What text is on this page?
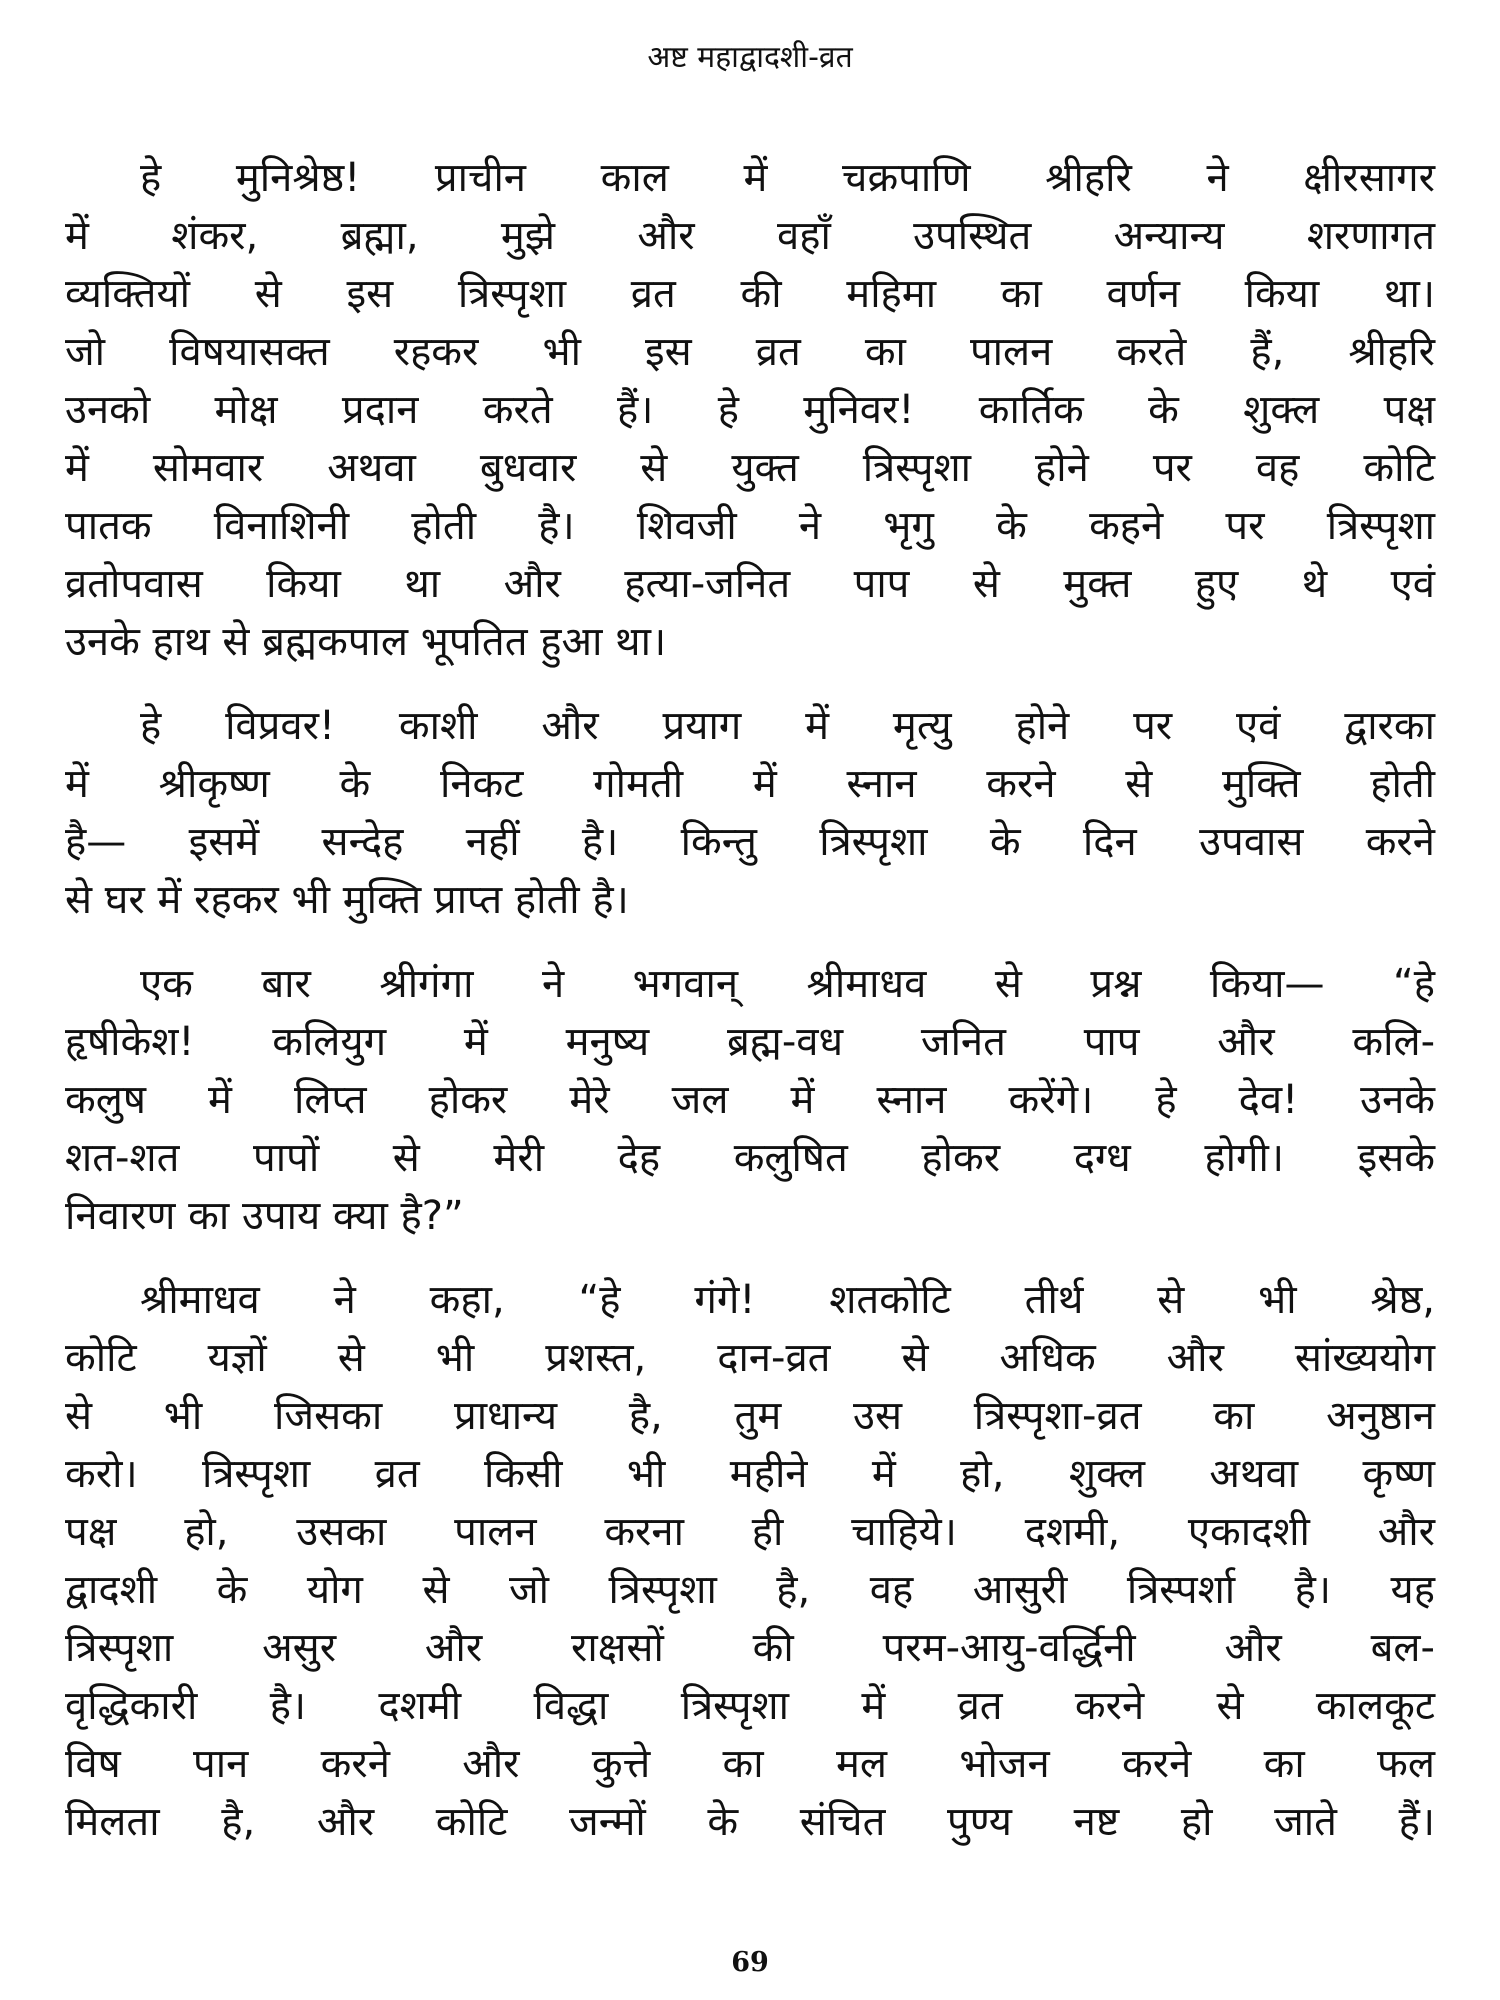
अष्ट महाद्वादशी-व्रत
हे मुनिश्रेष्ठ! प्राचीन काल में चक्रपाणि श्रीहरि ने क्षीरसागर
में शंकर, ब्रह्मा, मुझे और वहाँ उपस्थित अन्यान्य शरणागत
व्यक्तियों से इस त्रिस्पृशा व्रत की महिमा का वर्णन किया था।
जो विषयासक्त रहकर भी इस व्रत का पालन करते हैं, श्रीहरि
उनको मोक्ष प्रदान करते हैं। हे मुनिवर! कार्तिक के शुक्ल पक्ष
में सोमवार अथवा बुधवार से युक्त त्रिस्पृशा होने पर वह कोटि
पातक विनाशिनी होती है। शिवजी ने भृगु के कहने पर त्रिस्पृशा
व्रतोपवास किया था और हत्या-जनित पाप से मुक्त हुए थे एवं
उनके हाथ से ब्रह्मकपाल भूपतित हुआ था।
हे विप्रवर! काशी और प्रयाग में मृत्यु होने पर एवं द्वारका
में श्रीकृष्ण के निकट गोमती में स्नान करने से मुक्ति होती
है— इसमें सन्देह नहीं है। किन्तु त्रिस्पृशा के दिन उपवास करने
से घर में रहकर भी मुक्ति प्राप्त होती है।
एक बार श्रीगंगा ने भगवान् श्रीमाधव से प्रश्न किया— “हे
हृषीकेश! कलियुग में मनुष्य ब्रह्म-वध जनित पाप और कलि-
कलुष में लिप्त होकर मेरे जल में स्नान करेंगे। हे देव! उनके
शत-शत पापों से मेरी देह कलुषित होकर दग्ध होगी। इसके
निवारण का उपाय क्या है?”
श्रीमाधव ने कहा, “हे गंगे! शतकोटि तीर्थ से भी श्रेष्ठ,
कोटि यज्ञों से भी प्रशस्त, दान-व्रत से अधिक और सांख्ययोग
से भी जिसका प्राधान्य है, तुम उस त्रिस्पृशा-व्रत का अनुष्ठान
करो। त्रिस्पृशा व्रत किसी भी महीने में हो, शुक्ल अथवा कृष्ण
पक्ष हो, उसका पालन करना ही चाहिये। दशमी, एकादशी और
द्वादशी के योग से जो त्रिस्पृशा है, वह आसुरी त्रिस्पर्शा है। यह
त्रिस्पृशा असुर और राक्षसों की परम-आयु-वर्द्धिनी और बल-
वृद्धिकारी है। दशमी विद्धा त्रिस्पृशा में व्रत करने से कालकूट
विष पान करने और कुत्ते का मल भोजन करने का फल
मिलता है, और कोटि जन्मों के संचित पुण्य नष्ट हो जाते हैं।
69
